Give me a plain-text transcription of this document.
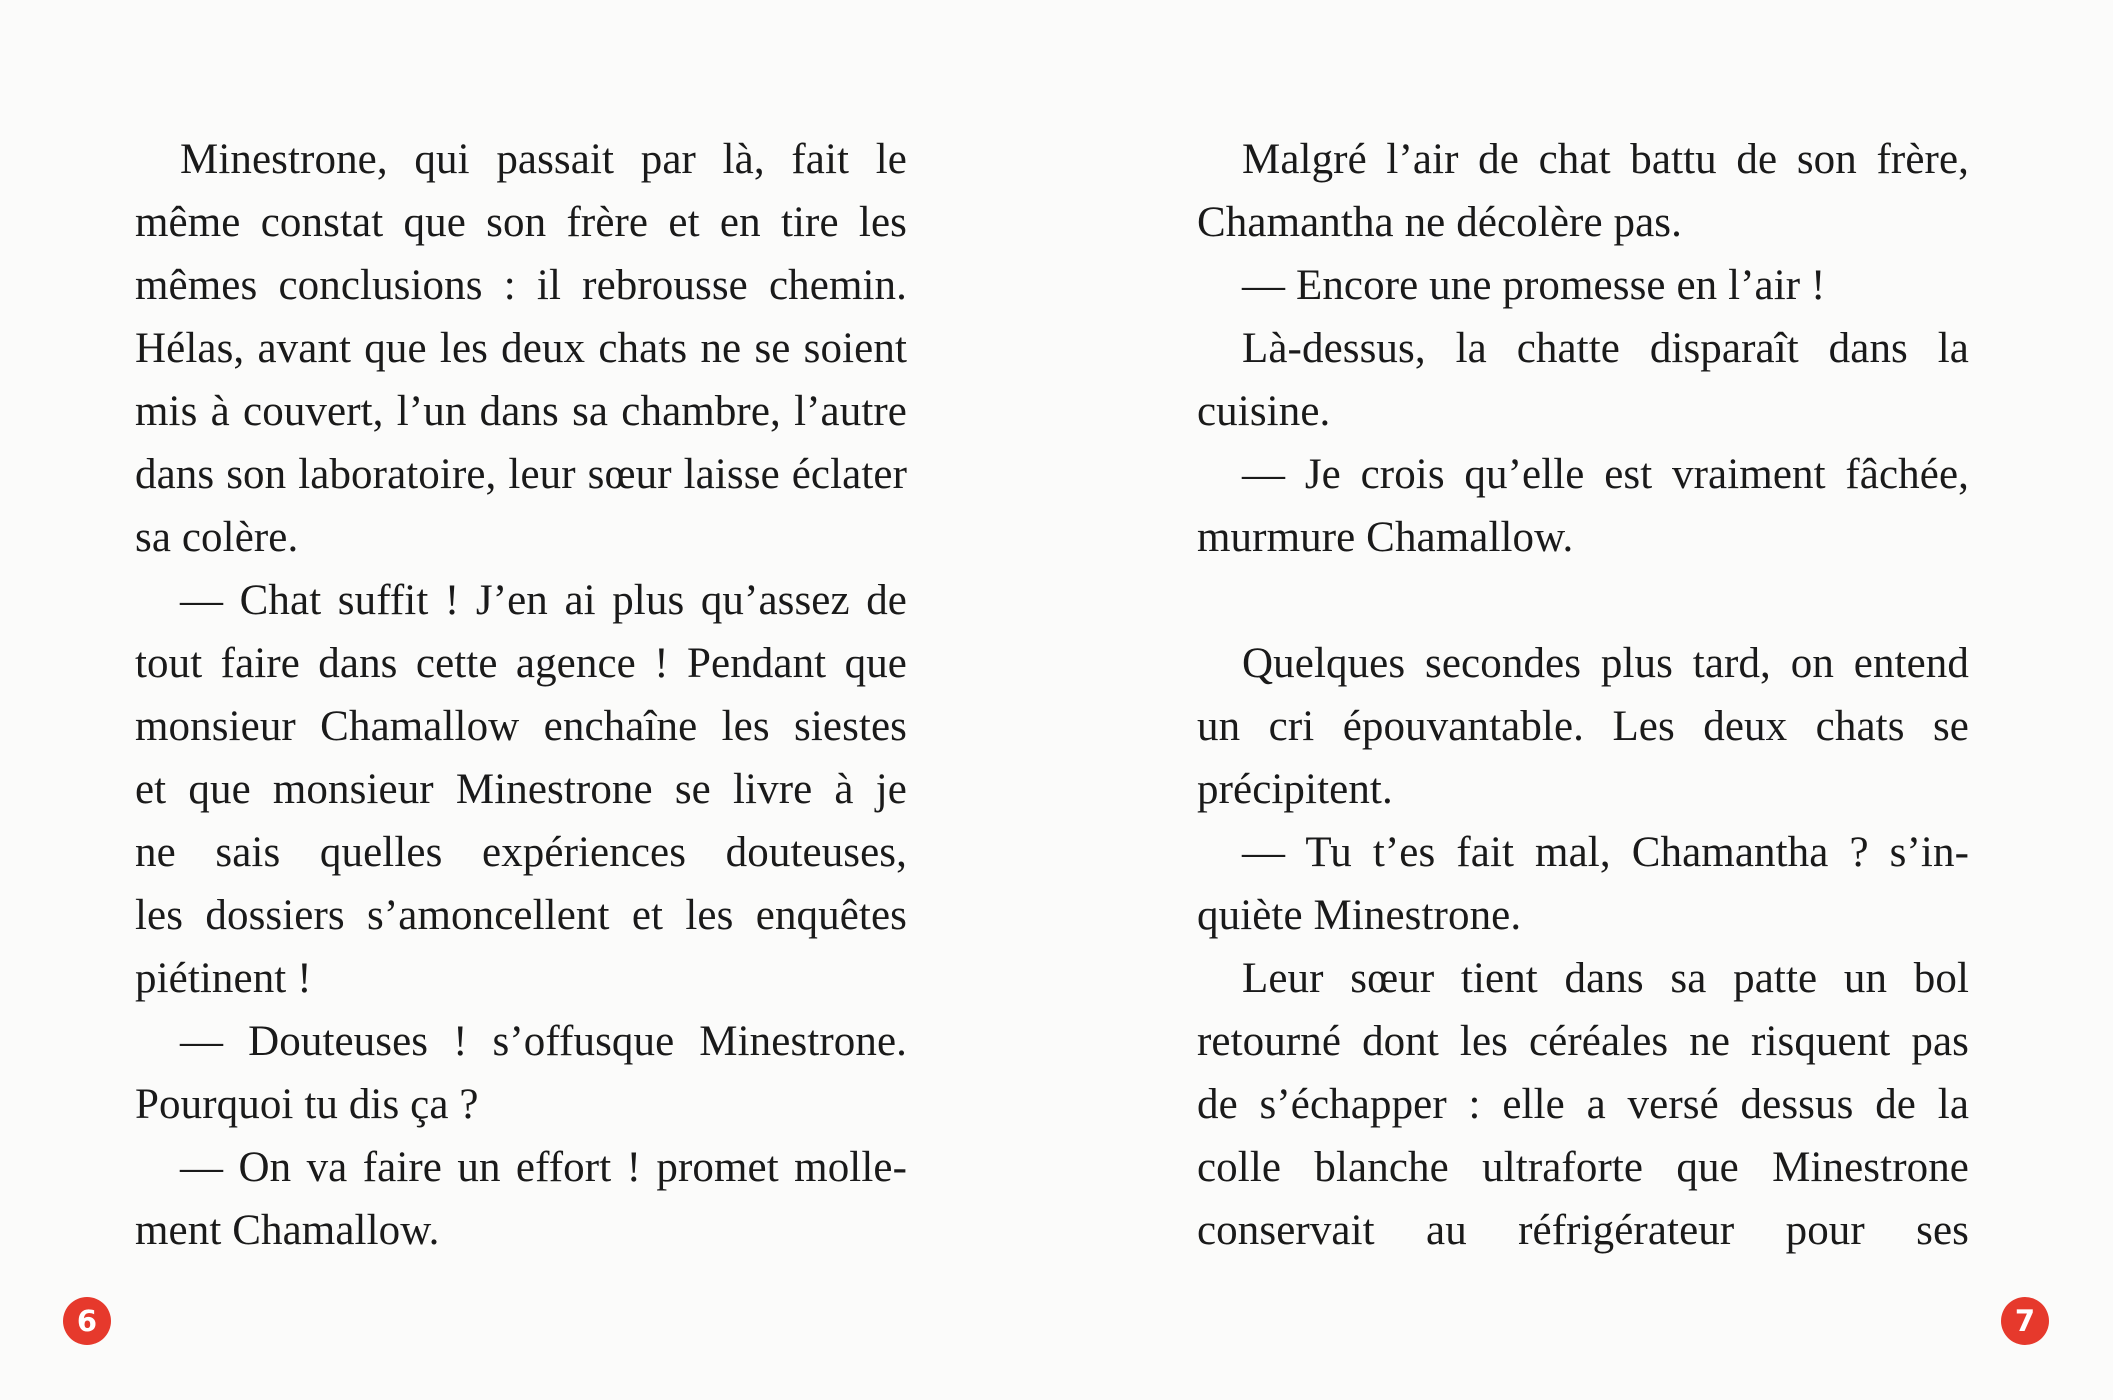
Minestrone, qui passait par là, fait le
même constat que son frère et en tire les
mêmes conclusions : il rebrousse chemin.
Hélas, avant que les deux chats ne se soient
mis à couvert, l’un dans sa chambre, l’autre
dans son laboratoire, leur sœur laisse éclater
sa colère.
— Chat suffit ! J’en ai plus qu’assez de
tout faire dans cette agence ! Pendant que
monsieur Chamallow enchaîne les siestes
et que monsieur Minestrone se livre à je
ne sais quelles expériences douteuses,
les dossiers s’amoncellent et les enquêtes
piétinent !
— Douteuses ! s’offusque Minestrone.
Pourquoi tu dis ça ?
— On va faire un effort ! promet molle-
ment Chamallow.
6
Malgré l’air de chat battu de son frère,
Chamantha ne décolère pas.
— Encore une promesse en l’air !
Là-dessus, la chatte disparaît dans la
cuisine.
— Je crois qu’elle est vraiment fâchée,
murmure Chamallow.
Quelques secondes plus tard, on entend
un cri épouvantable. Les deux chats se
précipitent.
— Tu t’es fait mal, Chamantha ? s’in-
quiète Minestrone.
Leur sœur tient dans sa patte un bol
retourné dont les céréales ne risquent pas
de s’échapper : elle a versé dessus de la
colle blanche ultraforte que Minestrone
conservait au réfrigérateur pour ses
7
